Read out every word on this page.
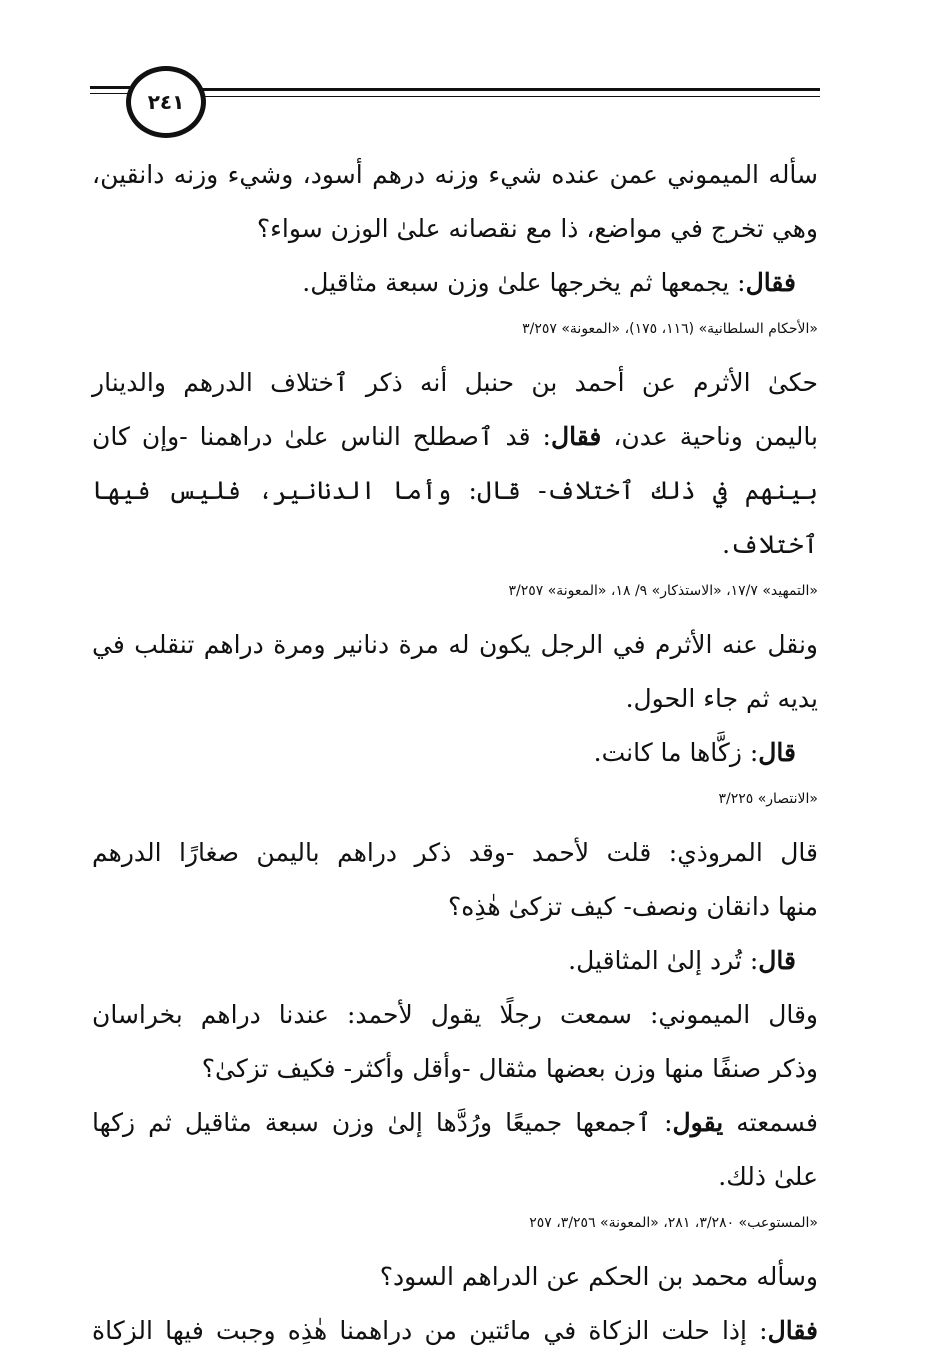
٢٤١

سأله الميموني عمن عنده شيء وزنه درهم أسود، وشيء وزنه دانقين،
وهي تخرج في مواضع، ذا مع نقصانه علىٰ الوزن سواء؟

فقال: يجمعها ثم يخرجها علىٰ وزن سبعة مثاقيل.

«الأحكام السلطانية» (١١٦، ١٧٥)، «المعونة» ٣/٢٥٧

حكىٰ الأثرم عن أحمد بن حنبل أنه ذكر ٱختلاف الدرهم والدينار
باليمن وناحية عدن، فقال: قد ٱصطلح الناس علىٰ دراهمنا -وإن كان
بينهم في ذلك ٱختلاف- قال: وأما الدنانير، فليس فيها ٱختلاف.

«التمهيد» ١٧/٧، «الاستذكار» ٩/ ١٨، «المعونة» ٣/٢٥٧

ونقل عنه الأثرم في الرجل يكون له مرة دنانير ومرة دراهم تنقلب في
يديه ثم جاء الحول.

قال: زكَّاها ما كانت.

«الانتصار» ٣/٢٢٥

قال المروذي: قلت لأحمد -وقد ذكر دراهم باليمن صغارًا الدرهم
منها دانقان ونصف- كيف تزكىٰ هٰذِه؟

قال: تُرد إلىٰ المثاقيل.

وقال الميموني: سمعت رجلًا يقول لأحمد: عندنا دراهم بخراسان
وذكر صنفًا منها وزن بعضها مثقال -وأقل وأكثر- فكيف تزكىٰ؟

فسمعته يقول: ٱجمعها جميعًا ورُدَّها إلىٰ وزن سبعة مثاقيل ثم زكها
علىٰ ذلك.

«المستوعب» ٣/٢٨٠، ٢٨١، «المعونة» ٣/٢٥٦، ٢٥٧

وسأله محمد بن الحكم عن الدراهم السود؟

فقال: إذا حلت الزكاة في مائتين من دراهمنا هٰذِه وجبت فيها الزكاة
